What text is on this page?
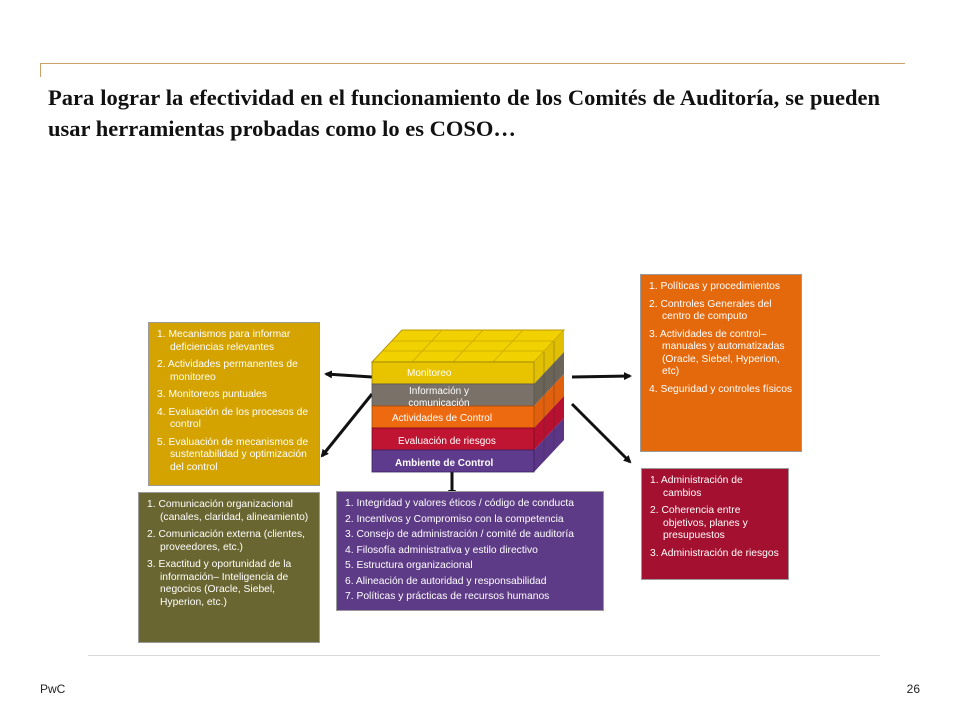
Para lograr la efectividad en el funcionamiento de los Comités de Auditoría, se pueden usar herramientas probadas como lo es COSO…
Monitoreo
Información y comunicación
Actividades de Control
Evaluación de riesgos
Ambiente de Control
1. Mecanismos para informar deficiencias relevantes
2. Actividades permanentes de monitoreo
3. Monitoreos puntuales
4. Evaluación de los procesos de control
5. Evaluación de mecanismos de sustentabilidad y optimización del control
1. Comunicación organizacional (canales, claridad, alineamiento)
2. Comunicación externa (clientes, proveedores, etc.)
3. Exactitud y oportunidad de la información– Inteligencia de negocios (Oracle, Siebel, Hyperion, etc.)
1. Integridad y valores éticos / código de conducta
2. Incentivos y Compromiso con la competencia
3. Consejo de administración / comité de auditoría
4. Filosofía administrativa y estilo directivo
5. Estructura organizacional
6. Alineación de autoridad y responsabilidad
7. Políticas y prácticas de recursos humanos
1. Políticas y procedimientos
2. Controles Generales del centro de computo
3. Actividades de control– manuales y automatizadas (Oracle, Siebel, Hyperion, etc)
4. Seguridad y controles físicos
1. Administración de cambios
2. Coherencia entre objetivos, planes y presupuestos
3. Administración de riesgos
PwC	26
